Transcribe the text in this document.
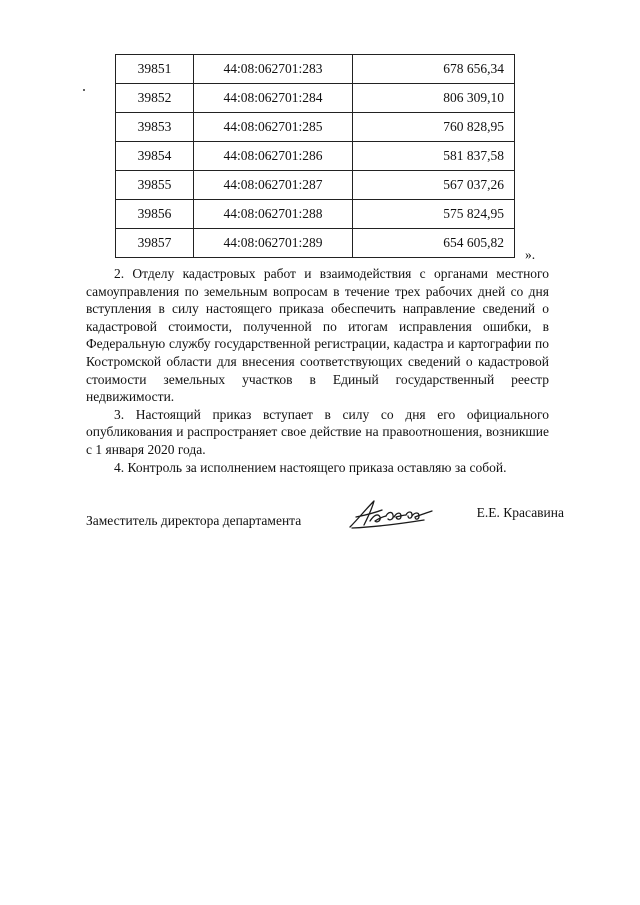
39851	44:08:062701:283	678 656,34
39852	44:08:062701:284	806 309,10
39853	44:08:062701:285	760 828,95
39854	44:08:062701:286	581 837,58
39855	44:08:062701:287	567 037,26
39856	44:08:062701:288	575 824,95
39857	44:08:062701:289	654 605,82
».

2. Отделу кадастровых работ и взаимодействия с органами местного самоуправления по земельным вопросам в течение трех рабочих дней со дня вступления в силу настоящего приказа обеспечить направление сведений о кадастровой стоимости, полученной по итогам исправления ошибки, в Федеральную службу государственной регистрации, кадастра и картографии по Костромской области для внесения соответствующих сведений о кадастровой стоимости земельных участков в Единый государственный реестр недвижимости.

3. Настоящий приказ вступает в силу со дня его официального опубликования и распространяет свое действие на правоотношения, возникшие с 1 января 2020 года.

4. Контроль за исполнением настоящего приказа оставляю за собой.

Заместитель директора департамента
Е.Е. Красавина
